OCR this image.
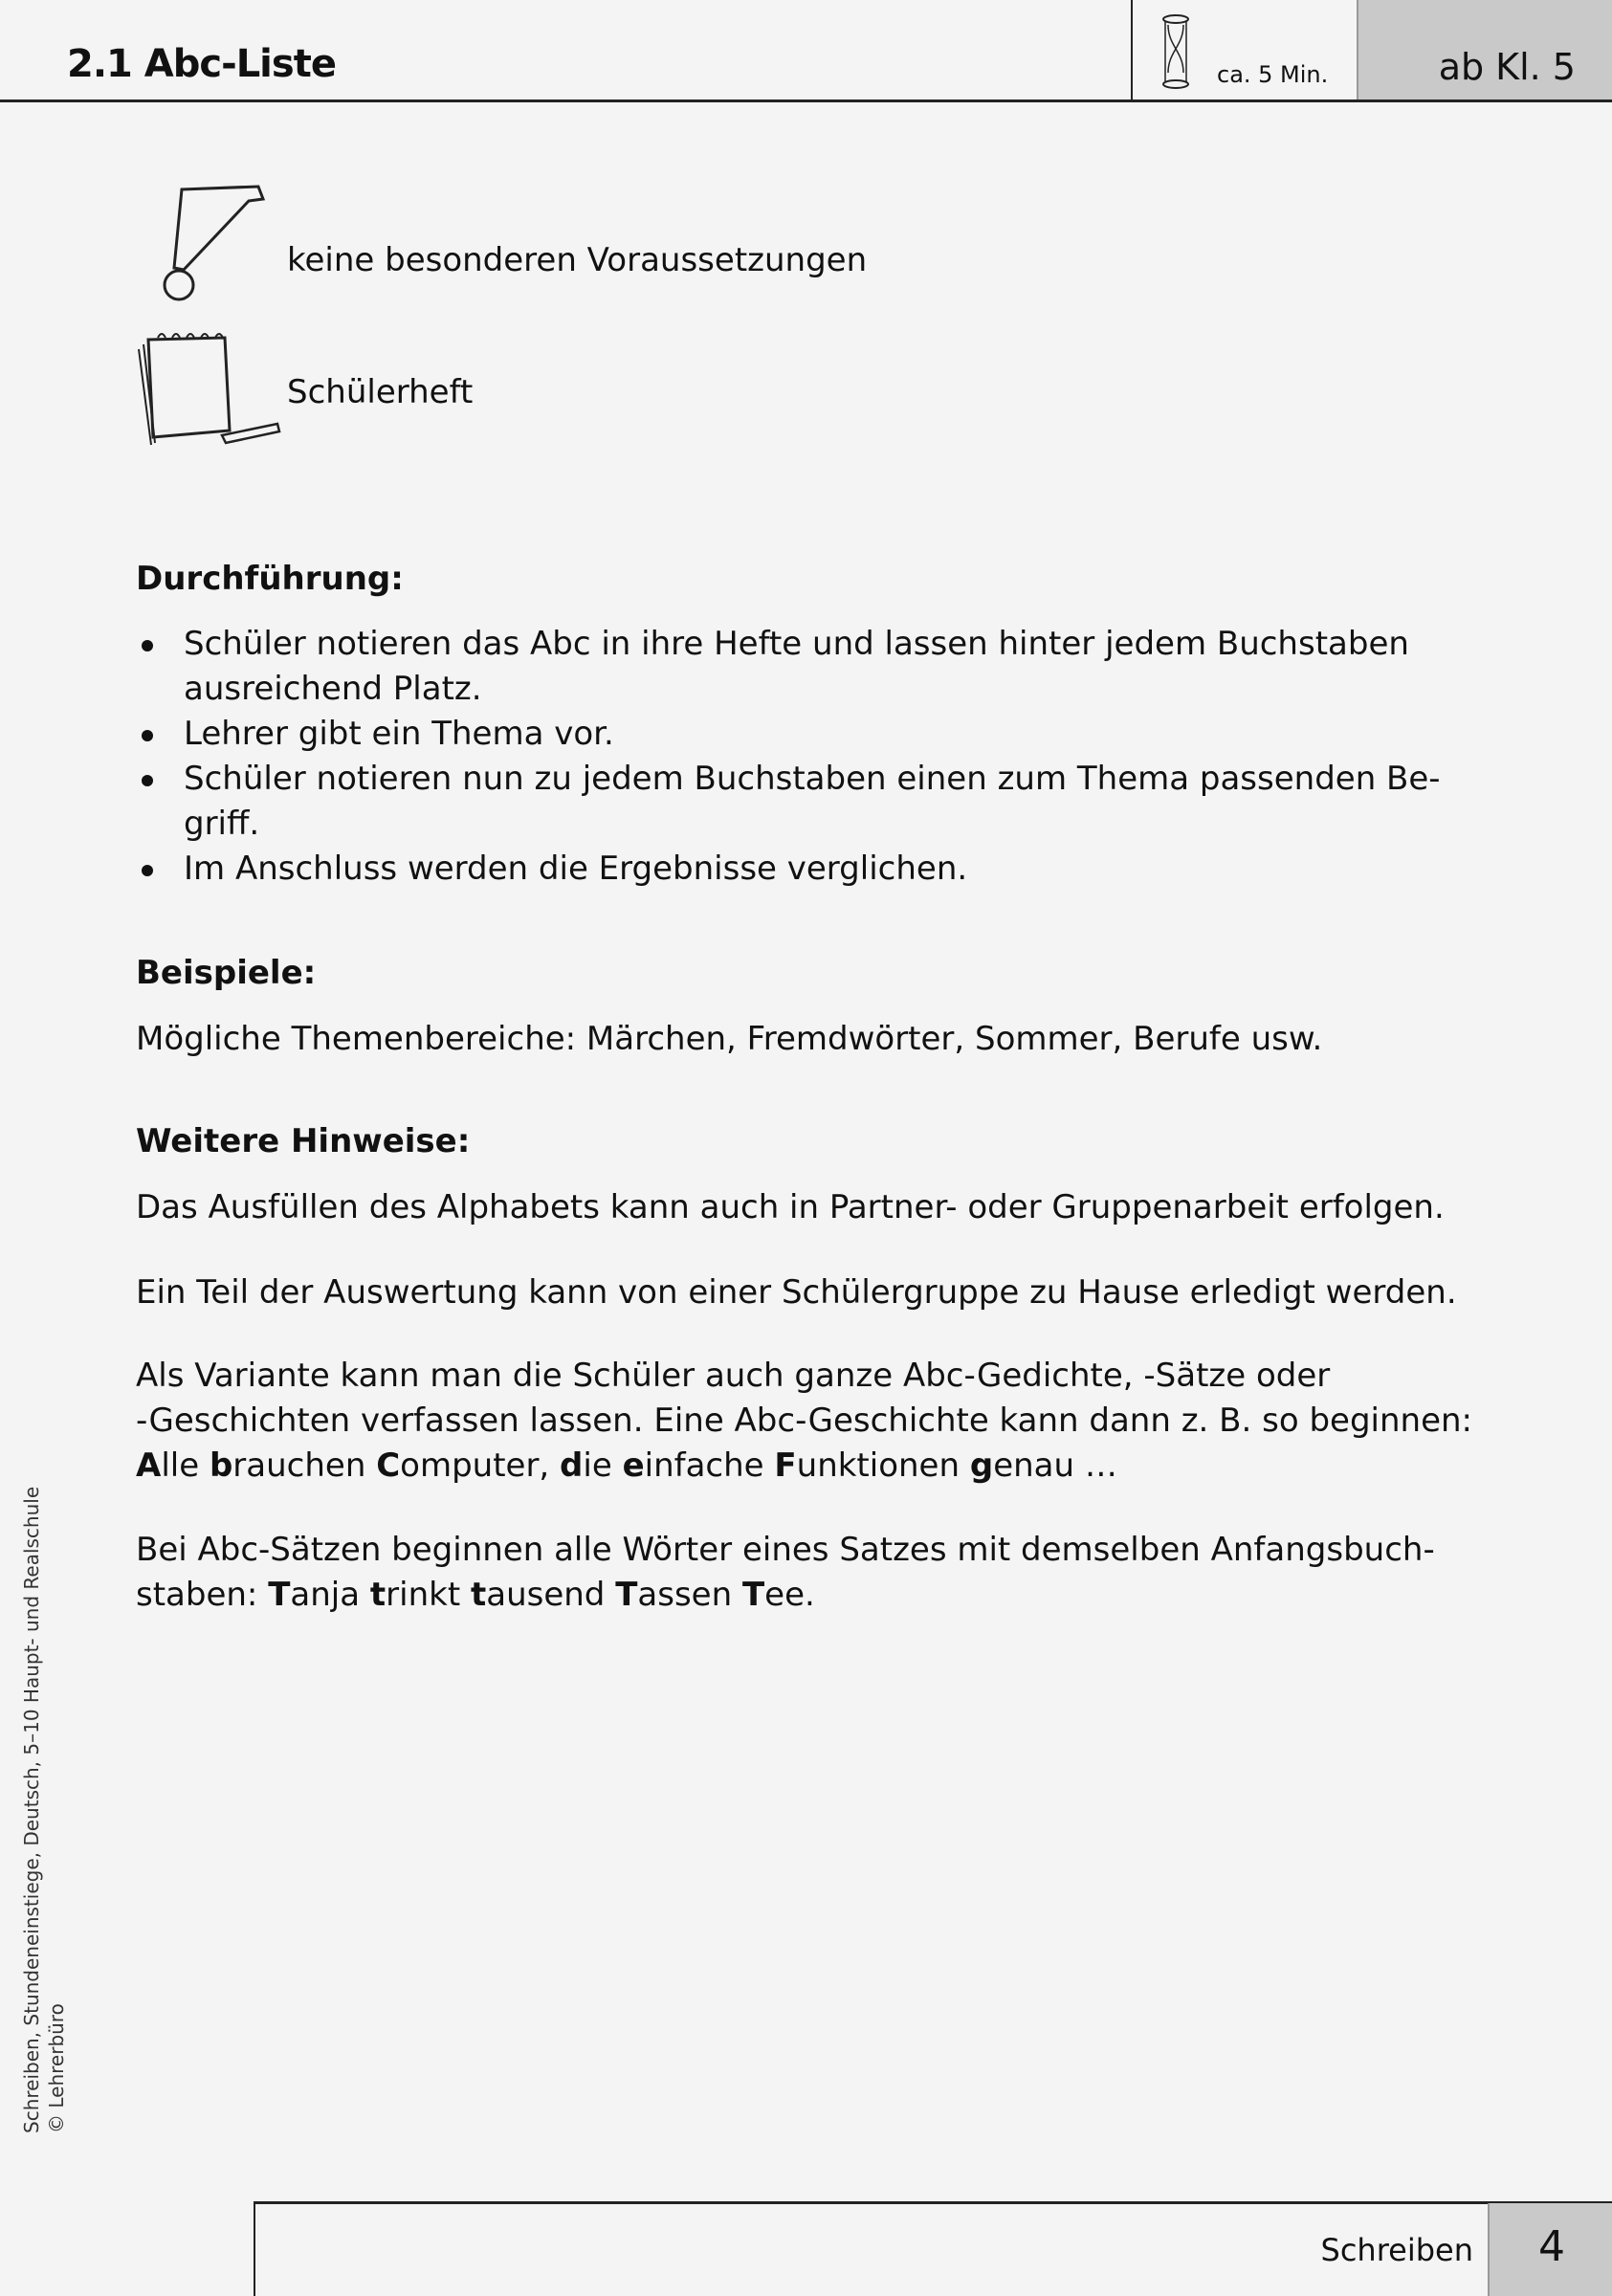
2.1 Abc-Liste	ca. 5 Min.	ab Kl. 5
keine besonderen Voraussetzungen
Schülerheft
Durchführung:
Schüler notieren das Abc in ihre Hefte und lassen hinter jedem Buchstaben
ausreichend Platz.
Lehrer gibt ein Thema vor.
Schüler notieren nun zu jedem Buchstaben einen zum Thema passenden Be-
griff.
Im Anschluss werden die Ergebnisse verglichen.
Beispiele:
Mögliche Themenbereiche: Märchen, Fremdwörter, Sommer, Berufe usw.
Weitere Hinweise:
Das Ausfüllen des Alphabets kann auch in Partner- oder Gruppenarbeit erfolgen.
Ein Teil der Auswertung kann von einer Schülergruppe zu Hause erledigt werden.
Als Variante kann man die Schüler auch ganze Abc-Gedichte, -Sätze oder
-Geschichten verfassen lassen. Eine Abc-Geschichte kann dann z. B. so beginnen:
Alle brauchen Computer, die einfache Funktionen genau …
Bei Abc-Sätzen beginnen alle Wörter eines Satzes mit demselben Anfangsbuch-
staben: Tanja trinkt tausend Tassen Tee.
Schreiben, Stundeneinstiege, Deutsch, 5–10 Haupt- und Realschule © Lehrerbüro
Schreiben	4
